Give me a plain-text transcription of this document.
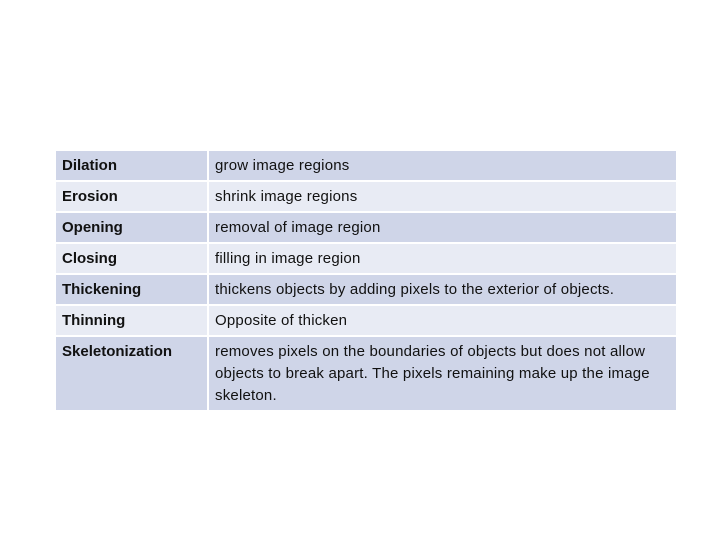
Dilation	grow image regions
Erosion	shrink image regions
Opening	removal of image region
Closing	filling in image region
Thickening	thickens objects by adding pixels to the exterior of objects.
Thinning	Opposite of thicken
Skeletonization	removes pixels on the boundaries of objects but does not allow objects to break apart. The pixels remaining make up the image skeleton.
